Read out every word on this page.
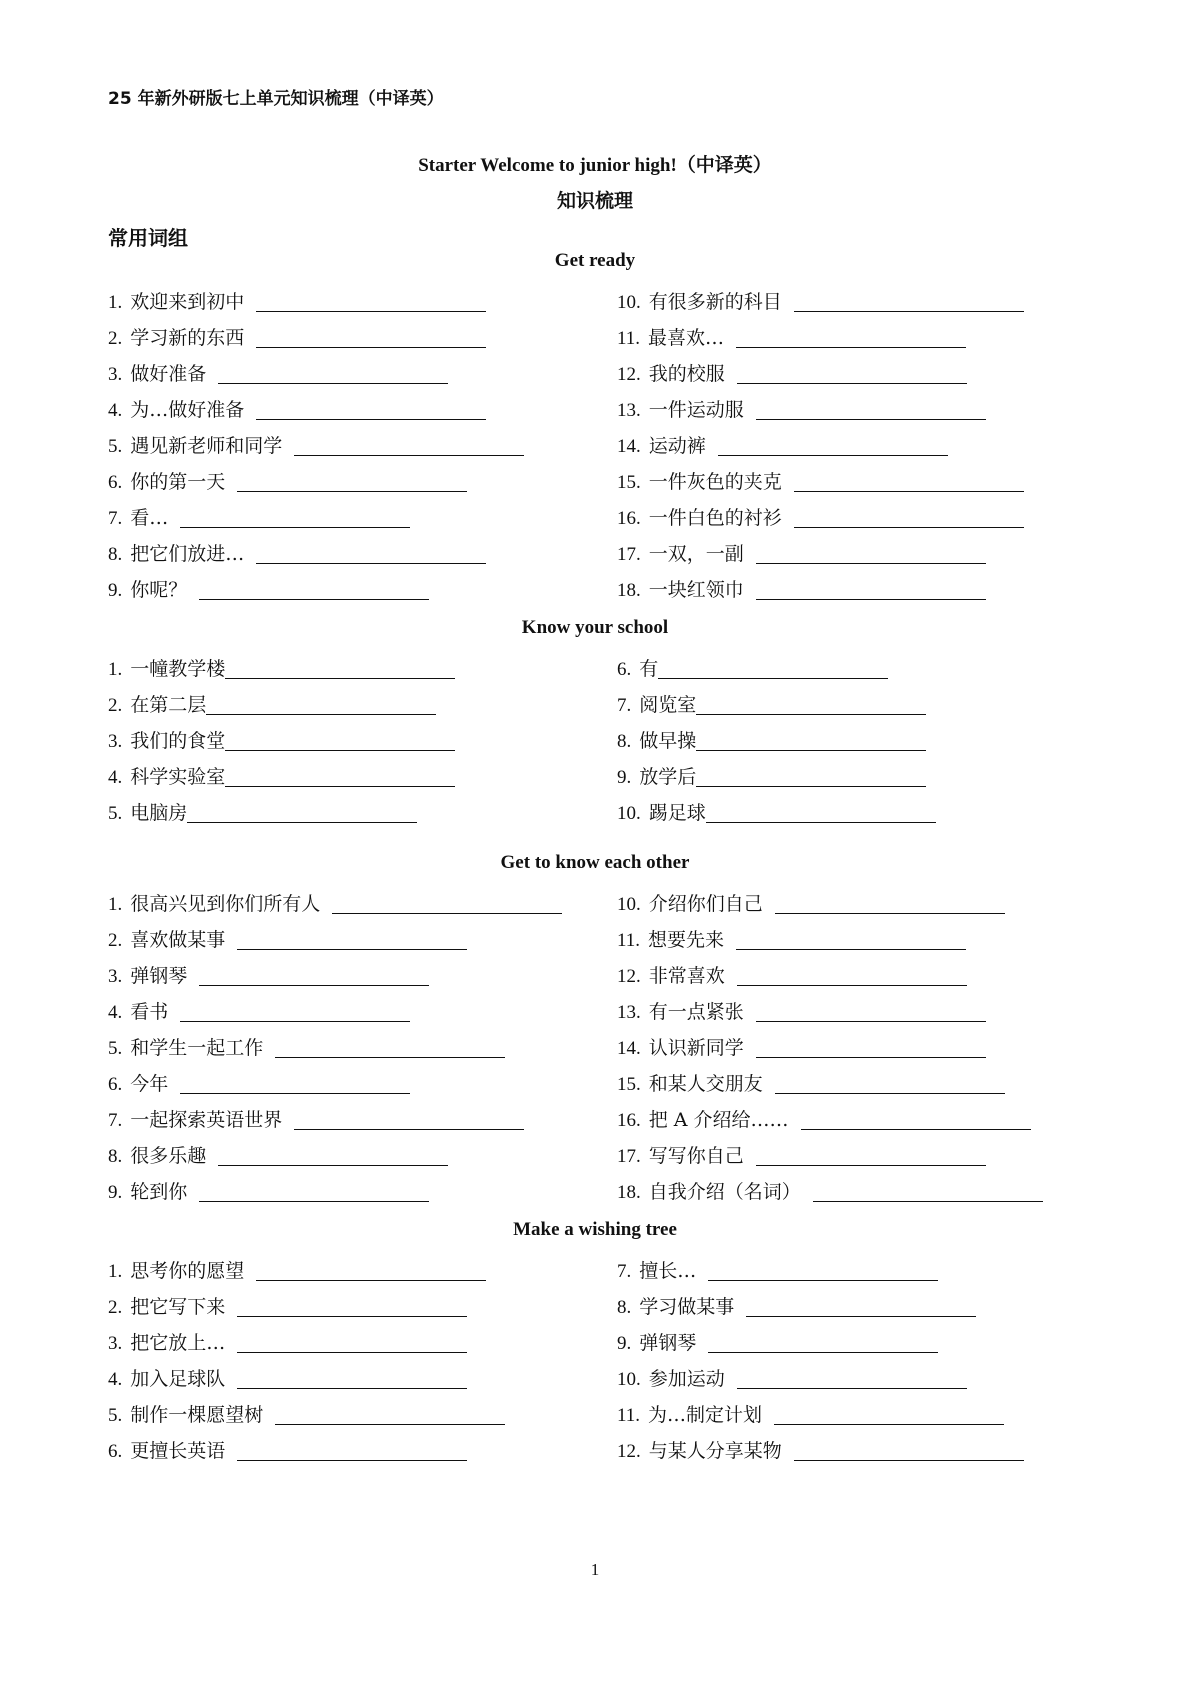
25 年新外研版七上单元知识梳理（中译英）
Starter Welcome to junior high!（中译英）
知识梳理
常用词组
Get ready
1. 欢迎来到初中
2. 学习新的东西
3. 做好准备
4. 为…做好准备
5. 遇见新老师和同学
6. 你的第一天
7. 看…
8. 把它们放进…
9. 你呢？
10. 有很多新的科目
11. 最喜欢…
12. 我的校服
13. 一件运动服
14. 运动裤
15. 一件灰色的夹克
16. 一件白色的衬衫
17. 一双，一副
18. 一块红领巾
Know your school
1. 一幢教学楼
2. 在第二层
3. 我们的食堂
4. 科学实验室
5. 电脑房
6. 有
7. 阅览室
8. 做早操
9. 放学后
10. 踢足球
Get to know each other
1. 很高兴见到你们所有人
2. 喜欢做某事
3. 弹钢琴
4. 看书
5. 和学生一起工作
6. 今年
7. 一起探索英语世界
8. 很多乐趣
9. 轮到你
10. 介绍你们自己
11. 想要先来
12. 非常喜欢
13. 有一点紧张
14. 认识新同学
15. 和某人交朋友
16. 把 A 介绍给……
17. 写写你自己
18. 自我介绍（名词）
Make a wishing tree
1. 思考你的愿望
2. 把它写下来
3. 把它放上…
4. 加入足球队
5. 制作一棵愿望树
6. 更擅长英语
7. 擅长…
8. 学习做某事
9. 弹钢琴
10. 参加运动
11. 为…制定计划
12. 与某人分享某物
1
